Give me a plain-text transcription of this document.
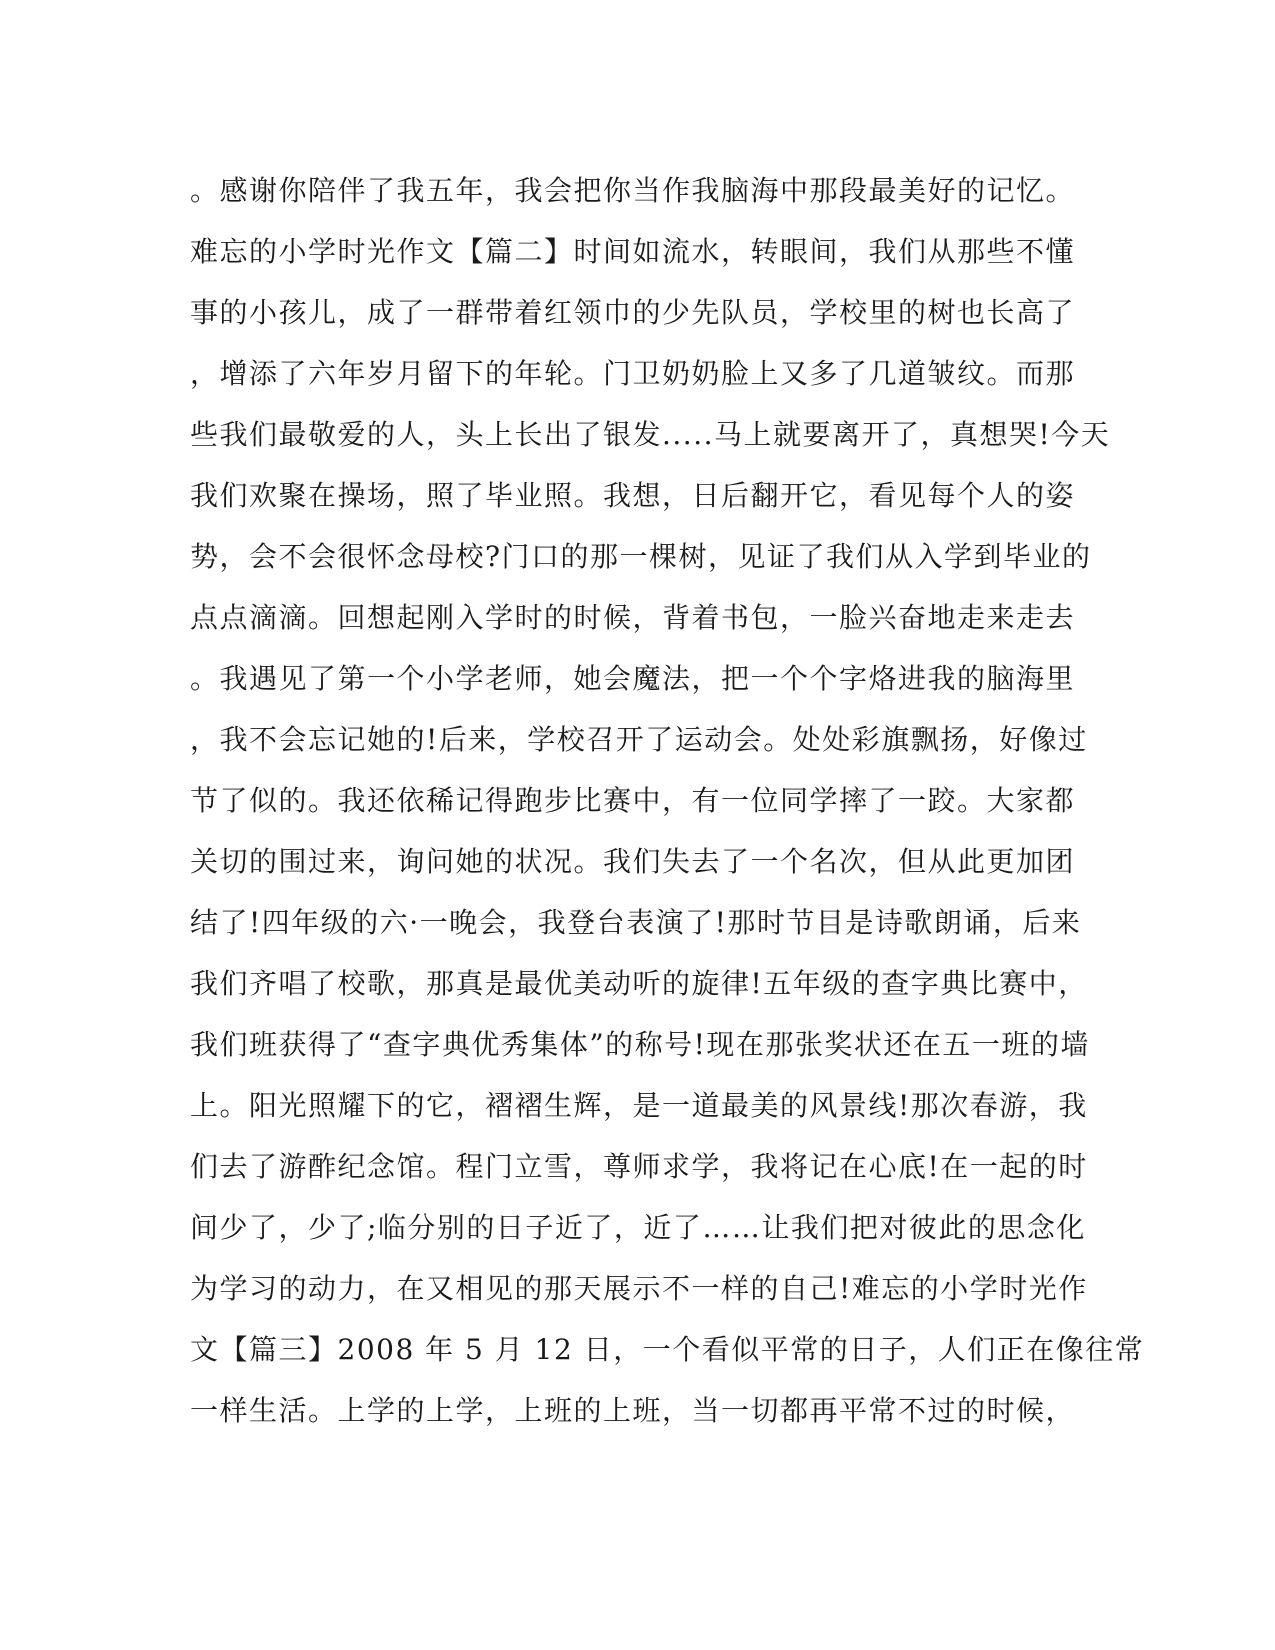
。感谢你陪伴了我五年，我会把你当作我脑海中那段最美好的记忆。
难忘的小学时光作文【篇二】时间如流水，转眼间，我们从那些不懂
事的小孩儿，成了一群带着红领巾的少先队员，学校里的树也长高了
，增添了六年岁月留下的年轮。门卫奶奶脸上又多了几道皱纹。而那
些我们最敬爱的人，头上长出了银发.....马上就要离开了，真想哭!今天
我们欢聚在操场，照了毕业照。我想，日后翻开它，看见每个人的姿
势，会不会很怀念母校?门口的那一棵树，见证了我们从入学到毕业的
点点滴滴。回想起刚入学时的时候，背着书包，一脸兴奋地走来走去
。我遇见了第一个小学老师，她会魔法，把一个个字烙进我的脑海里
，我不会忘记她的!后来，学校召开了运动会。处处彩旗飘扬，好像过
节了似的。我还依稀记得跑步比赛中，有一位同学摔了一跤。大家都
关切的围过来，询问她的状况。我们失去了一个名次，但从此更加团
结了!四年级的六·一晚会，我登台表演了!那时节目是诗歌朗诵，后来
我们齐唱了校歌，那真是最优美动听的旋律!五年级的查字典比赛中，
我们班获得了“查字典优秀集体”的称号!现在那张奖状还在五一班的墙
上。阳光照耀下的它，褶褶生辉，是一道最美的风景线!那次春游，我
们去了游酢纪念馆。程门立雪，尊师求学，我将记在心底!在一起的时
间少了，少了;临分别的日子近了，近了……让我们把对彼此的思念化
为学习的动力，在又相见的那天展示不一样的自己!难忘的小学时光作
文【篇三】2008 年 5 月 12 日，一个看似平常的日子，人们正在像往常
一样生活。上学的上学，上班的上班，当一切都再平常不过的时候，
